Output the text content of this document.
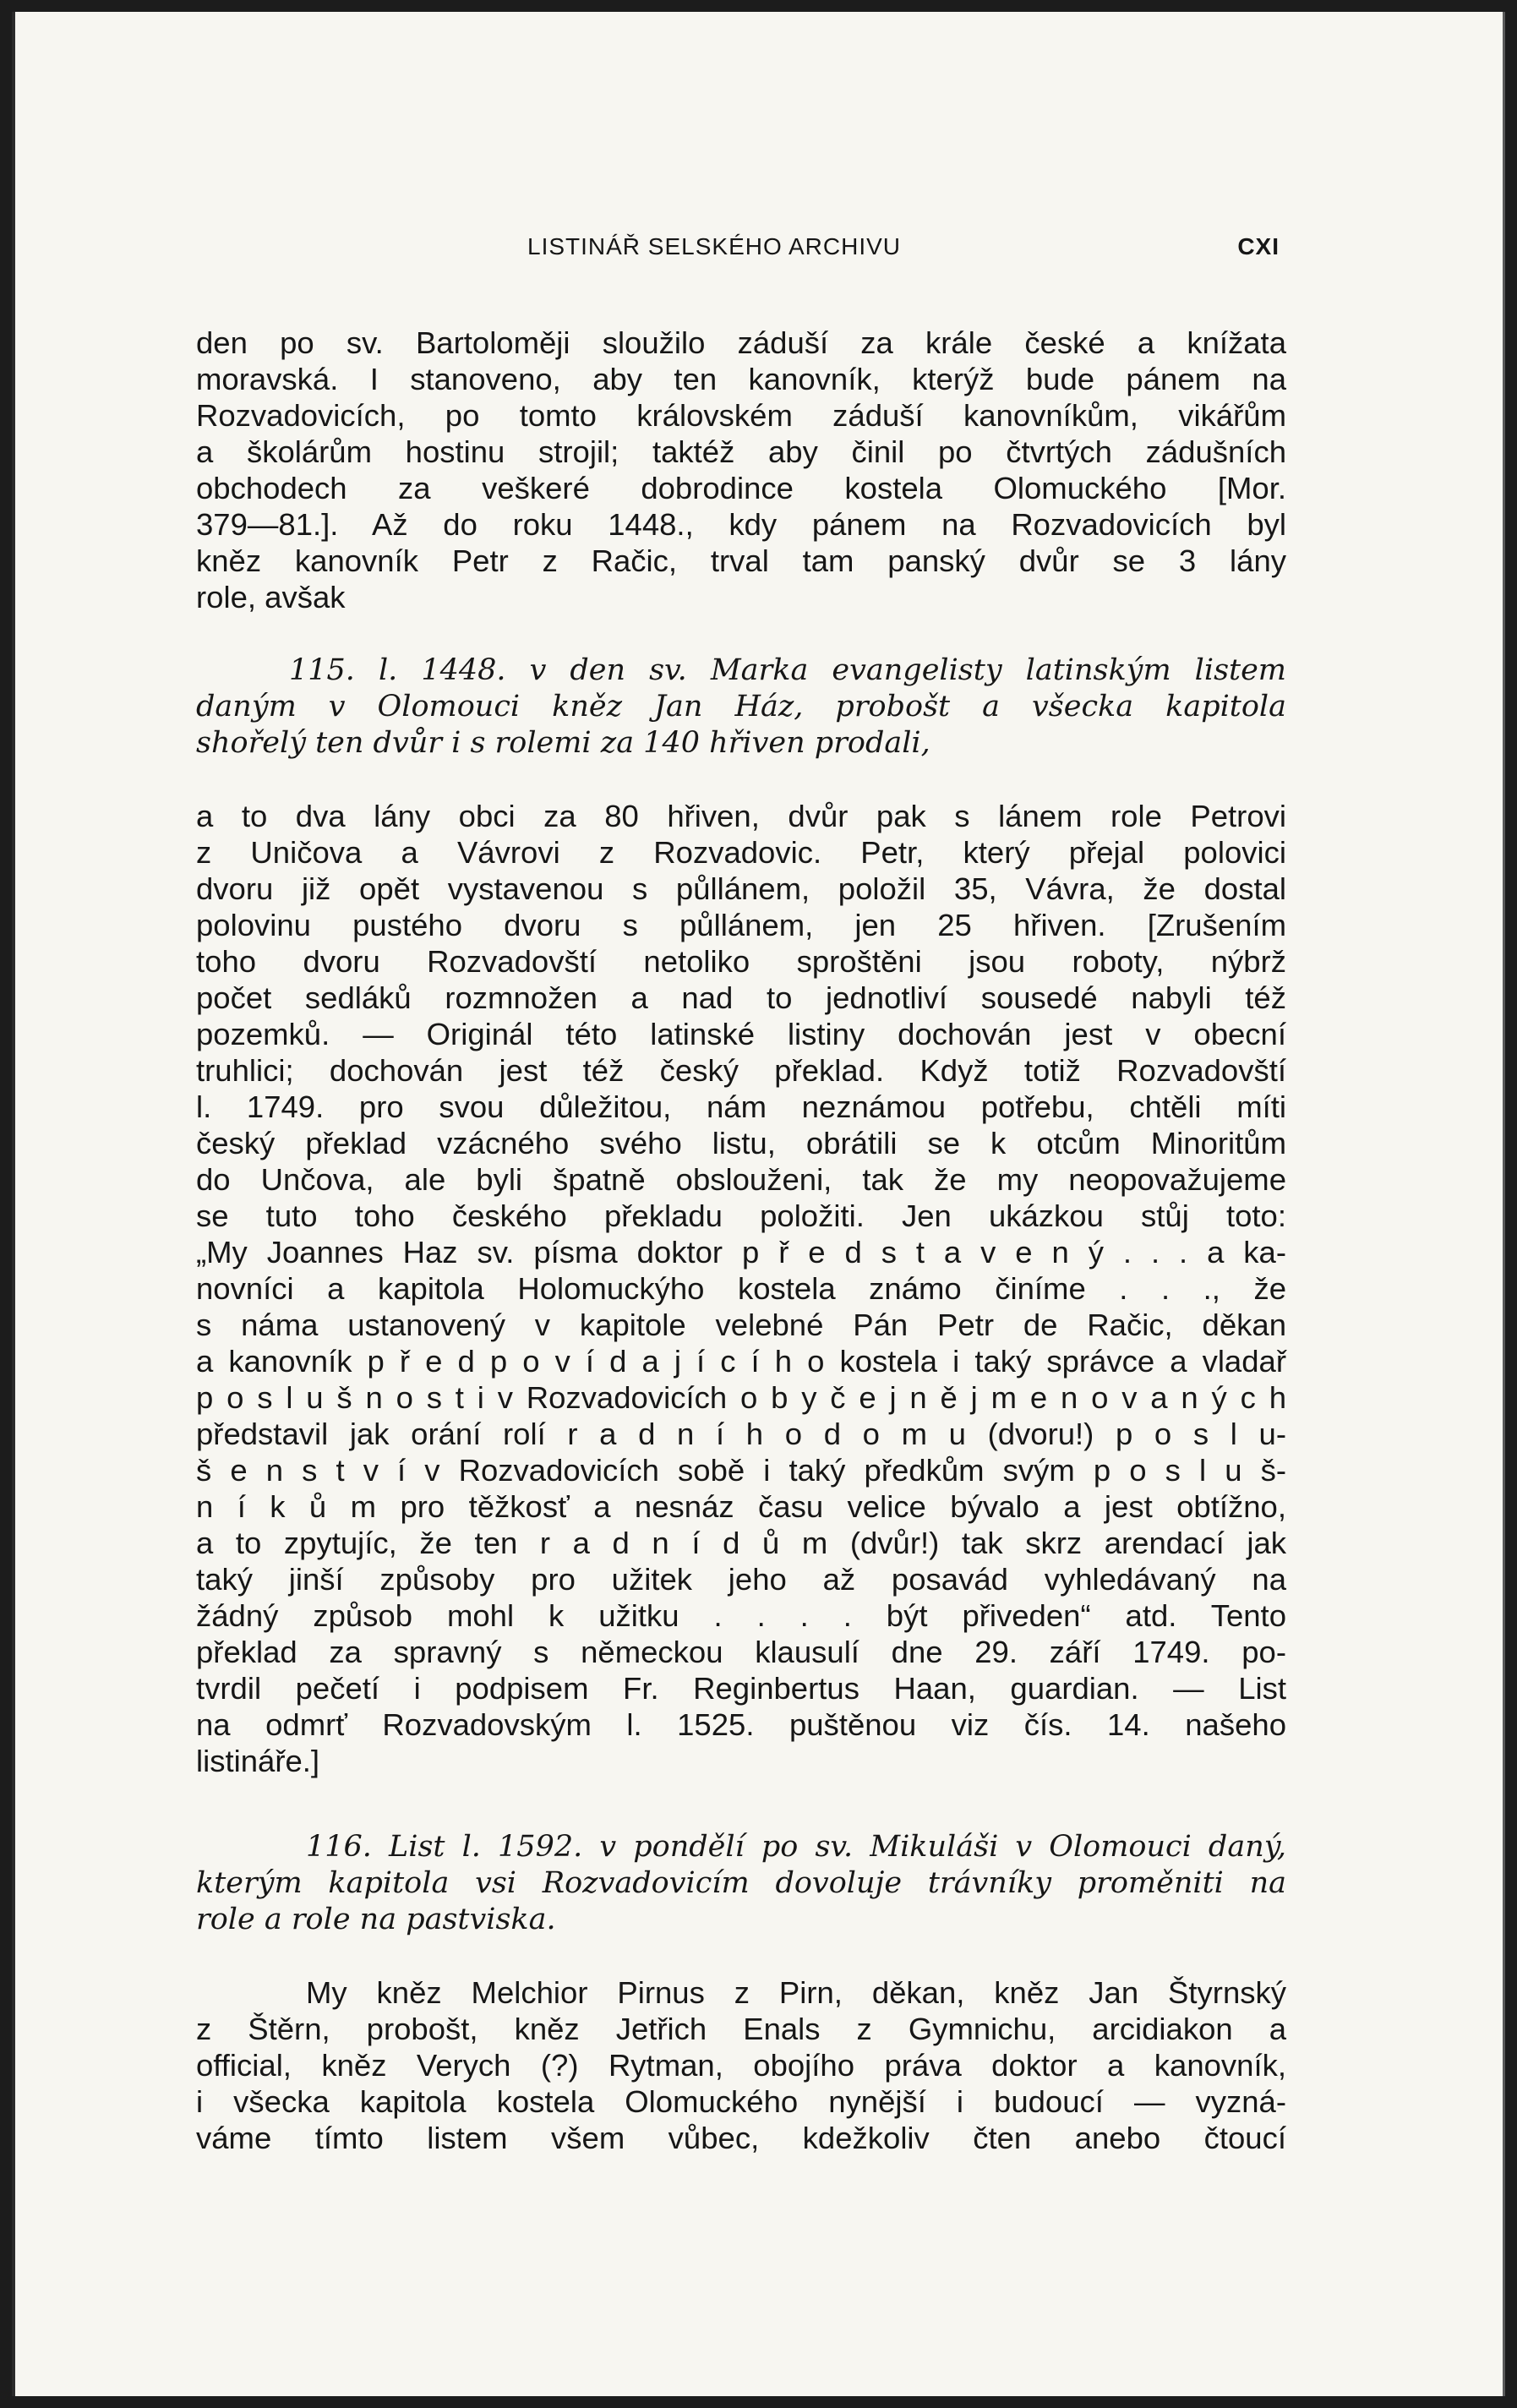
LISTINÁŘ SELSKÉHO ARCHIVU	CXI
den po sv. Bartoloměji sloužilo záduší za krále české a knížata
moravská. I stanoveno, aby ten kanovník, kterýž bude pánem na
Rozvadovicích, po tomto královském záduší kanovníkům, vikářům
a školárům hostinu strojil; taktéž aby činil po čtvrtých zádušních
obchodech za veškeré dobrodince kostela Olomuckého [Mor.
379—81.]. Až do roku 1448., kdy pánem na Rozvadovicích byl
kněz kanovník Petr z Račic, trval tam panský dvůr se 3 lány
role, avšak
115. l. 1448. v den sv. Marka evangelisty latinským listem
daným v Olomouci kněz Jan Ház, probošt a všecka kapitola
shořelý ten dvůr i s rolemi za 140 hřiven prodali,
a to dva lány obci za 80 hřiven, dvůr pak s lánem role Petrovi
z Uničova a Vávrovi z Rozvadovic. Petr, který přejal polovici
dvoru již opět vystavenou s půllánem, položil 35, Vávra, že dostal
polovinu pustého dvoru s půllánem, jen 25 hřiven. [Zrušením
toho dvoru Rozvadovští netoliko sproštěni jsou roboty, nýbrž
počet sedláků rozmnožen a nad to jednotliví sousedé nabyli též
pozemků. — Originál této latinské listiny dochován jest v obecní
truhlici; dochován jest též český překlad. Když totiž Rozvadovští
l. 1749. pro svou důležitou, nám neznámou potřebu, chtěli míti
český překlad vzácného svého listu, obrátili se k otcům Minoritům
do Unčova, ale byli špatně obslouženi, tak že my neopovažujeme
se tuto toho českého překladu položiti. Jen ukázkou stůj toto:
„My Joannes Haz sv. písma doktor p ř e d s t a v e n ý . . . a ka-
novníci a kapitola Holomuckýho kostela známo činíme . . ., že
s náma ustanovený v kapitole velebné Pán Petr de Račic, děkan
a kanovník p ř e d p o v í d a j í c í h o kostela i taký správce a vladař
p o s l u š n o s t i v Rozvadovicích o b y č e j n ě j m e n o v a n ý c h
představil jak orání rolí r a d n í h o d o m u (dvoru!) p o s l u-
š e n s t v í v Rozvadovicích sobě i taký předkům svým p o s l u š-
n í k ů m pro těžkosť a nesnáz času velice bývalo a jest obtížno,
a to zpytujíc, že ten r a d n í d ů m (dvůr!) tak skrz arendací jak
taký jinší způsoby pro užitek jeho až posavád vyhledávaný na
žádný způsob mohl k užitku . . . . být přiveden“ atd. Tento
překlad za spravný s německou klausulí dne 29. září 1749. po-
tvrdil pečetí i podpisem Fr. Reginbertus Haan, guardian. — List
na odmrť Rozvadovským l. 1525. puštěnou viz čís. 14. našeho
listináře.]
116. List l. 1592. v pondělí po sv. Mikuláši v Olomouci daný,
kterým kapitola vsi Rozvadovicím dovoluje trávníky proměniti na
role a role na pastviska.
My kněz Melchior Pirnus z Pirn, děkan, kněz Jan Štyrnský
z Štěrn, probošt, kněz Jetřich Enals z Gymnichu, arcidiakon a
official, kněz Verych (?) Rytman, obojího práva doktor a kanovník,
i všecka kapitola kostela Olomuckého nynější i budoucí — vyzná-
váme tímto listem všem vůbec, kdežkoliv čten anebo čtoucí
